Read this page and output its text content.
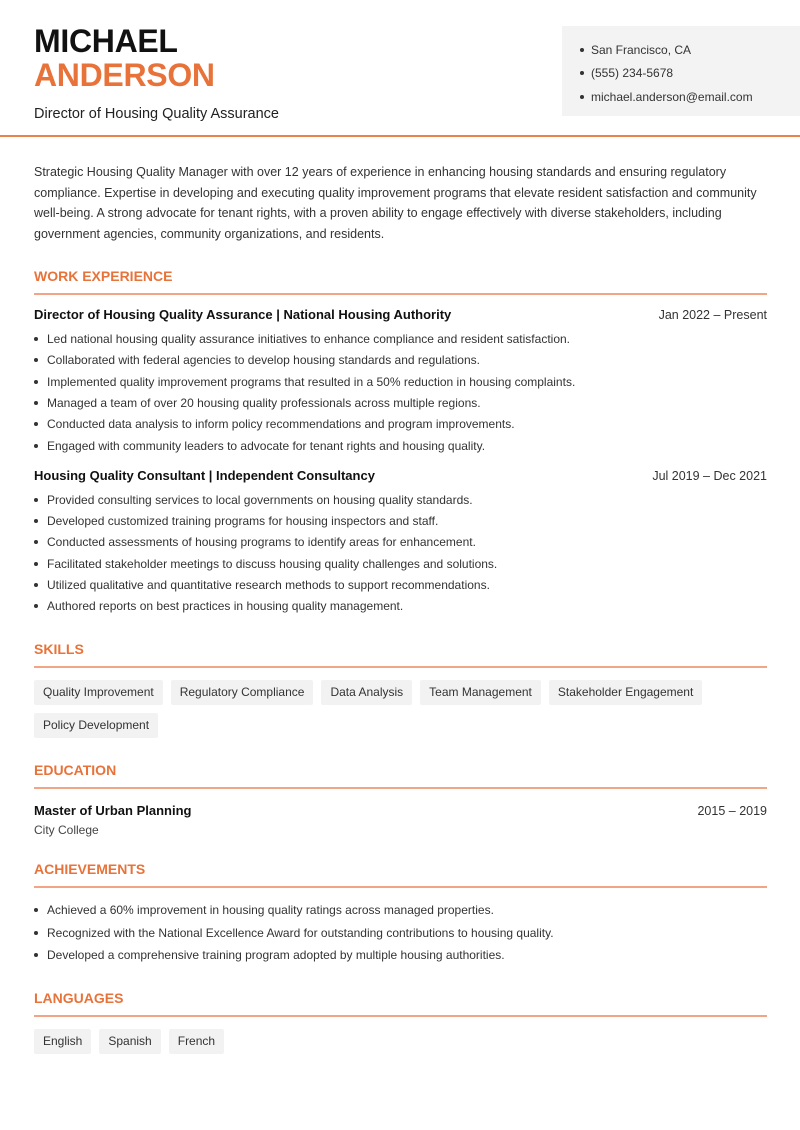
MICHAEL
ANDERSON
Director of Housing Quality Assurance
San Francisco, CA
(555) 234-5678
michael.anderson@email.com

Strategic Housing Quality Manager with over 12 years of experience in enhancing housing standards and ensuring regulatory compliance. Expertise in developing and executing quality improvement programs that elevate resident satisfaction and community well-being. A strong advocate for tenant rights, with a proven ability to engage effectively with diverse stakeholders, including government agencies, community organizations, and residents.

WORK EXPERIENCE
Director of Housing Quality Assurance | National Housing Authority	Jan 2022 – Present
Led national housing quality assurance initiatives to enhance compliance and resident satisfaction.
Collaborated with federal agencies to develop housing standards and regulations.
Implemented quality improvement programs that resulted in a 50% reduction in housing complaints.
Managed a team of over 20 housing quality professionals across multiple regions.
Conducted data analysis to inform policy recommendations and program improvements.
Engaged with community leaders to advocate for tenant rights and housing quality.
Housing Quality Consultant | Independent Consultancy	Jul 2019 – Dec 2021
Provided consulting services to local governments on housing quality standards.
Developed customized training programs for housing inspectors and staff.
Conducted assessments of housing programs to identify areas for enhancement.
Facilitated stakeholder meetings to discuss housing quality challenges and solutions.
Utilized qualitative and quantitative research methods to support recommendations.
Authored reports on best practices in housing quality management.
SKILLS
Quality Improvement	Regulatory Compliance	Data Analysis	Team Management	Stakeholder Engagement
Policy Development
EDUCATION
Master of Urban Planning	2015 – 2019
City College
ACHIEVEMENTS
Achieved a 60% improvement in housing quality ratings across managed properties.
Recognized with the National Excellence Award for outstanding contributions to housing quality.
Developed a comprehensive training program adopted by multiple housing authorities.
LANGUAGES
English	Spanish	French
